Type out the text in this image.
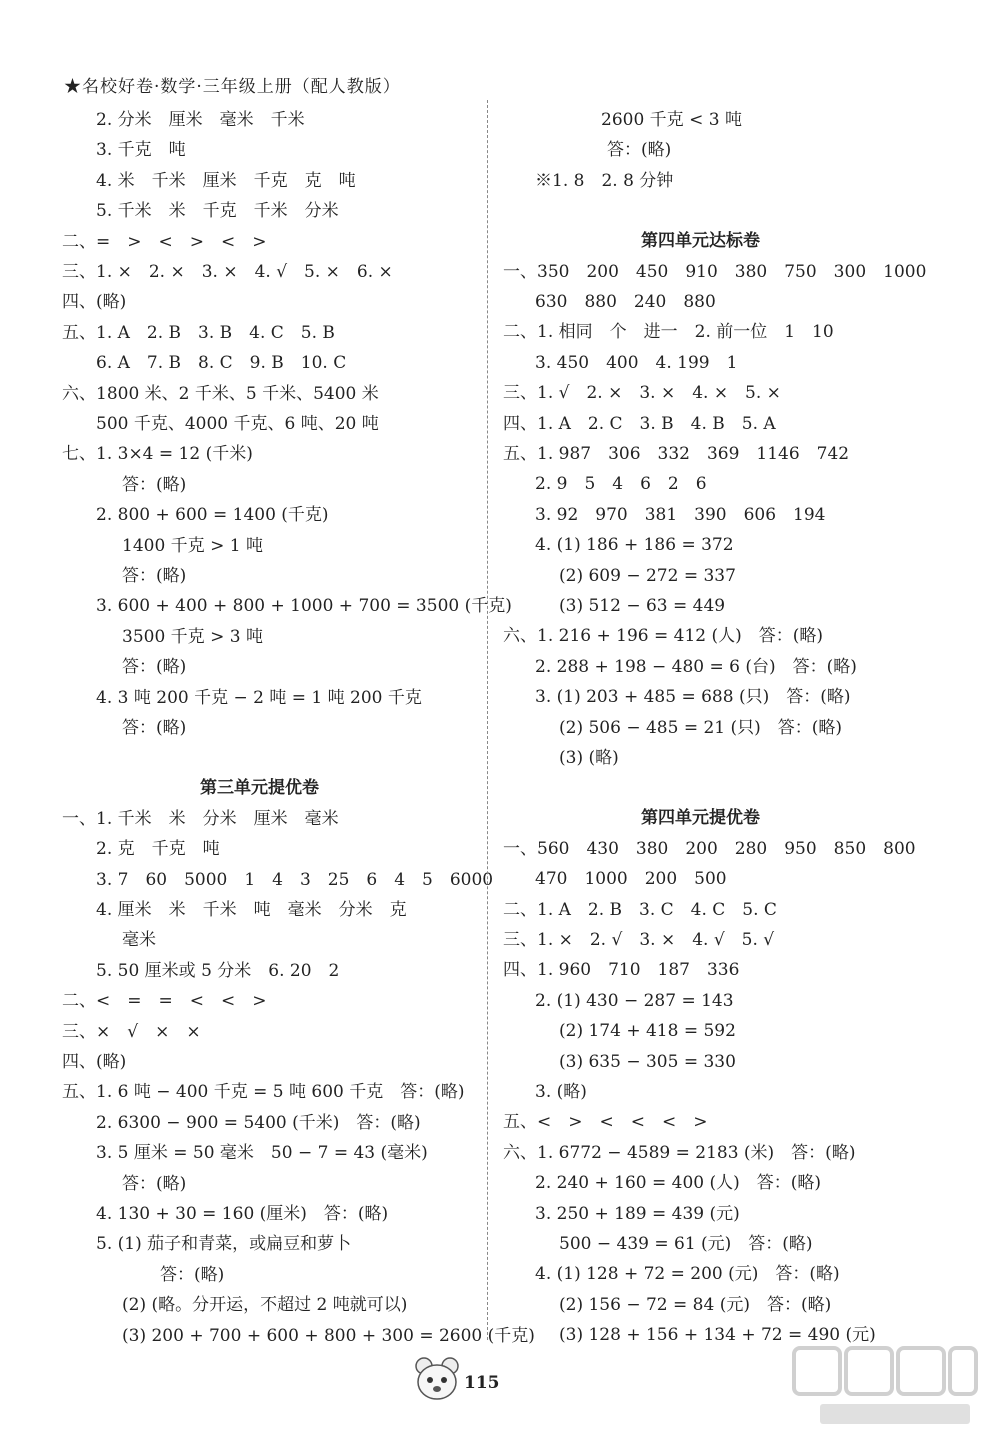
★名校好卷·数学·三年级上册（配人教版）
2. 分米　厘米　毫米　千米
3. 千克　吨
4. 米　千米　厘米　千克　克　吨
5. 千米　米　千克　千米　分米
二、=　>　<　>　<　>
三、1. ×　2. ×　3. ×　4. √　5. ×　6. ×
四、(略)
五、1. A　2. B　3. B　4. C　5. B
6. A　7. B　8. C　9. B　10. C
六、1800 米、2 千米、5 千米、5400 米
500 千克、4000 千克、6 吨、20 吨
七、1. 3×4 = 12 (千米)
答：(略)
2. 800 + 600 = 1400 (千克)
1400 千克 > 1 吨
答：(略)
3. 600 + 400 + 800 + 1000 + 700 = 3500 (千克)
3500 千克 > 3 吨
答：(略)
4. 3 吨 200 千克 − 2 吨 = 1 吨 200 千克
答：(略)
第三单元提优卷
一、1. 千米　米　分米　厘米　毫米
2. 克　千克　吨
3. 7　60　5000　1　4　3　25　6　4　5　6000
4. 厘米　米　千米　吨　毫米　分米　克
毫米
5. 50 厘米或 5 分米　6. 20　2
二、<　=　=　<　<　>
三、×　√　×　×
四、(略)
五、1. 6 吨 − 400 千克 = 5 吨 600 千克　答：(略)
2. 6300 − 900 = 5400 (千米)　答：(略)
3. 5 厘米 = 50 毫米　50 − 7 = 43 (毫米)
答：(略)
4. 130 + 30 = 160 (厘米)　答：(略)
5. (1) 茄子和青菜，或扁豆和萝卜
答：(略)
(2) (略。分开运，不超过 2 吨就可以)
(3) 200 + 700 + 600 + 800 + 300 = 2600 (千克)
2600 千克 < 3 吨
答：(略)
※1. 8　2. 8 分钟
第四单元达标卷
一、350　200　450　910　380　750　300　1000
630　880　240　880
二、1. 相同　个　进一　2. 前一位　1　10
3. 450　400　4. 199　1
三、1. √　2. ×　3. ×　4. ×　5. ×
四、1. A　2. C　3. B　4. B　5. A
五、1. 987　306　332　369　1146　742
2. 9　5　4　6　2　6
3. 92　970　381　390　606　194
4. (1) 186 + 186 = 372
(2) 609 − 272 = 337
(3) 512 − 63 = 449
六、1. 216 + 196 = 412 (人)　答：(略)
2. 288 + 198 − 480 = 6 (台)　答：(略)
3. (1) 203 + 485 = 688 (只)　答：(略)
(2) 506 − 485 = 21 (只)　答：(略)
(3) (略)
第四单元提优卷
一、560　430　380　200　280　950　850　800
470　1000　200　500
二、1. A　2. B　3. C　4. C　5. C
三、1. ×　2. √　3. ×　4. √　5. √
四、1. 960　710　187　336
2. (1) 430 − 287 = 143
(2) 174 + 418 = 592
(3) 635 − 305 = 330
3. (略)
五、<　>　<　<　<　>
六、1. 6772 − 4589 = 2183 (米)　答：(略)
2. 240 + 160 = 400 (人)　答：(略)
3. 250 + 189 = 439 (元)
500 − 439 = 61 (元)　答：(略)
4. (1) 128 + 72 = 200 (元)　答：(略)
(2) 156 − 72 = 84 (元)　答：(略)
(3) 128 + 156 + 134 + 72 = 490 (元)
115
